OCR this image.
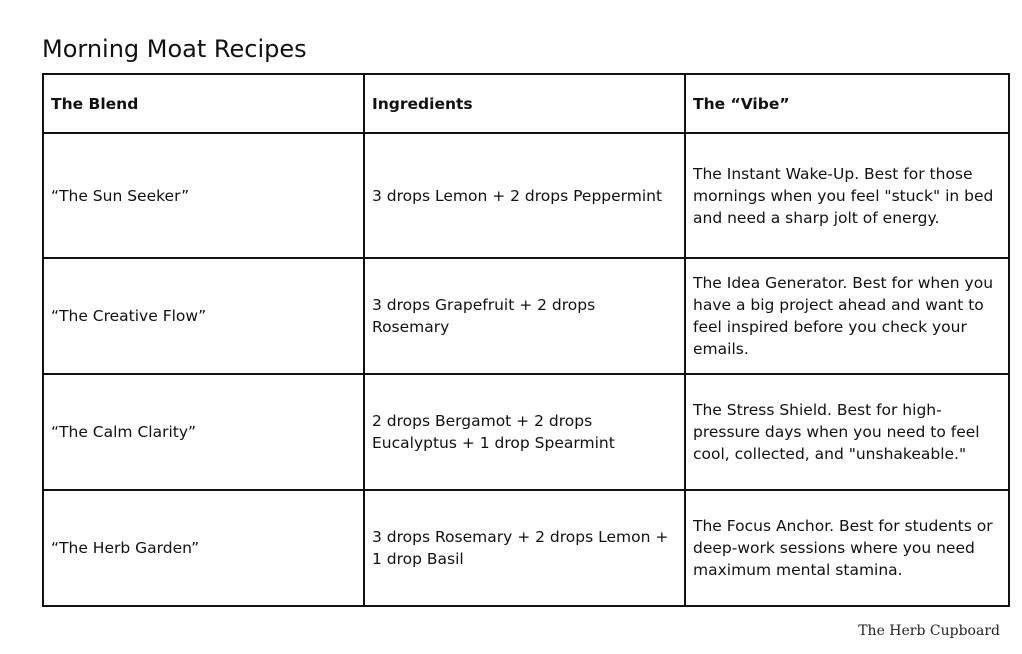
Morning Moat Recipes
The Blend	Ingredients	The “Vibe”
“The Sun Seeker”	3 drops Lemon + 2 drops Peppermint	The Instant Wake-Up. Best for those mornings when you feel "stuck" in bed and need a sharp jolt of energy.
“The Creative Flow”	3 drops Grapefruit + 2 drops Rosemary	The Idea Generator. Best for when you have a big project ahead and want to feel inspired before you check your emails.
“The Calm Clarity”	2 drops Bergamot + 2 drops Eucalyptus + 1 drop Spearmint	The Stress Shield. Best for high-pressure days when you need to feel cool, collected, and "unshakeable."
“The Herb Garden”	3 drops Rosemary + 2 drops Lemon + 1 drop Basil	The Focus Anchor. Best for students or deep-work sessions where you need maximum mental stamina.
The Herb Cupboard
